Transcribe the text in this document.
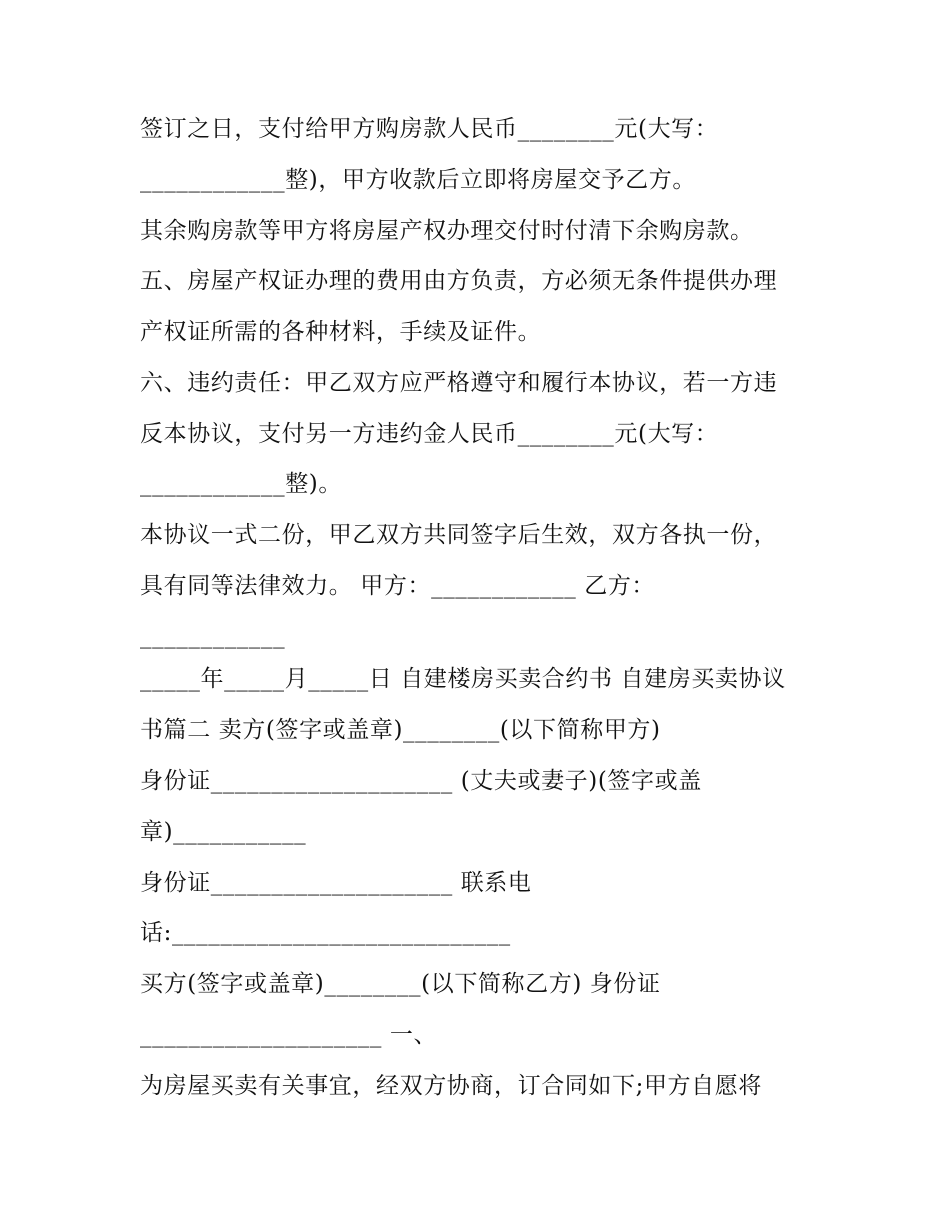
签订之日，支付给甲方购房款人民币________元(大写：
____________整)，甲方收款后立即将房屋交予乙方。
其余购房款等甲方将房屋产权办理交付时付清下余购房款。
五、房屋产权证办理的费用由方负责，方必须无条件提供办理
产权证所需的各种材料，手续及证件。
六、违约责任：甲乙双方应严格遵守和履行本协议，若一方违
反本协议，支付另一方违约金人民币________元(大写：
____________整)。
本协议一式二份，甲乙双方共同签字后生效，双方各执一份，
具有同等法律效力。 甲方：____________ 乙方：
____________
_____年_____月_____日 自建楼房买卖合约书 自建房买卖协议
书篇二 卖方(签字或盖章)________(以下简称甲方)
身份证____________________ (丈夫或妻子)(签字或盖
章)___________
身份证____________________ 联系电
话:____________________________
买方(签字或盖章)________(以下简称乙方) 身份证
____________________ 一、
为房屋买卖有关事宜，经双方协商，订合同如下;甲方自愿将
